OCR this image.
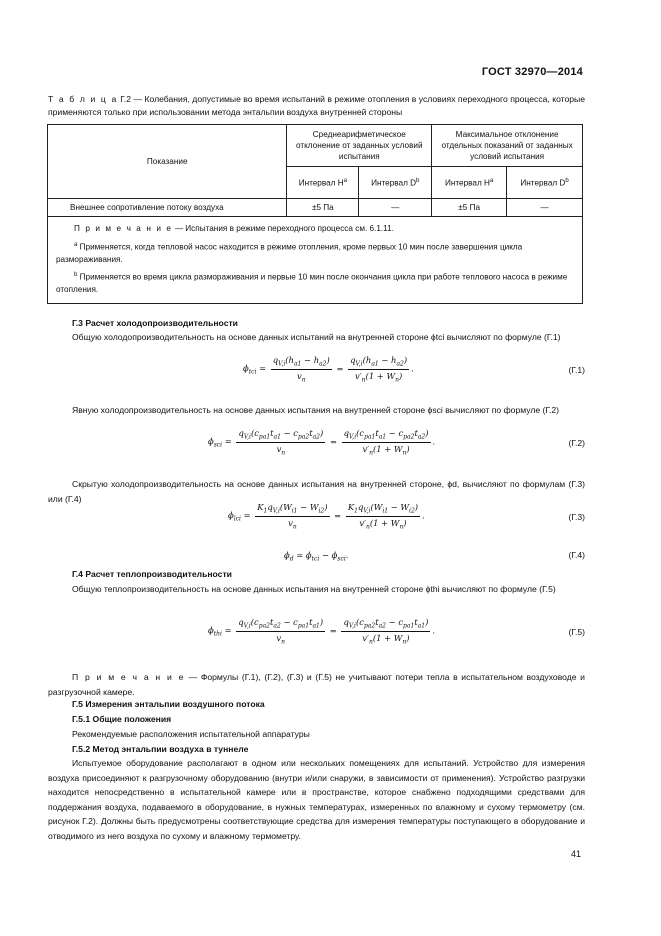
ГОСТ 32970—2014
Т а б л и ц а Г.2 — Колебания, допустимые во время испытаний в режиме отопления в условиях переходного процесса, которые применяются только при использовании метода энтальпии воздуха внутренней стороны
Показание	Среднеарифметическое отклонение от заданных условий испытания		Максимальное отклонение отдельных показаний от заданных условий испытания	
	Интервал $H^a$	Интервал $D^b$	Интервал $H^a$	Интервал $D^b$
Внешнее сопротивление потоку воздуха	±5 Па	—	±5 Па	—

П р и м е ч а н и е — Испытания в режиме переходного процесса см. 6.1.11.
$^a$ Применяется, когда тепловой насос находится в режиме отопления, кроме первых 10 мин после завершения цикла размораживания.
$^b$ Применяется во время цикла размораживания и первые 10 мин после окончания цикла при работе теплового насоса в режиме отопления.				
Г.3 Расчет холодопроизводительности
Общую холодопроизводительность на основе данных испытаний на внутренней стороне ϕtci вычисляют по формуле (Г.1)
$\phi_{tci} = \frac{q_{V,i}(h_{a1} - h_{a2})}{v_n} = \frac{q_{V,i}(h_{a1} - h_{a2})}{v'_n(1 + W_n)}$ .	(Г.1)
Явную холодопроизводительность на основе данных испытания на внутренней стороне ϕsci вычисляют по формуле (Г.2)
$\phi_{sci} = \frac{q_{V,i}(c_{pa1}t_{a1} - c_{pa2}t_{a2})}{v_n} = \frac{q_{V,i}(c_{pa1}t_{a1} - c_{pa2}t_{a2})}{v'_n(1 + W_n)}$ .	(Г.2)
Скрытую холодопроизводительность на основе данных испытания на внутренней стороне, ϕd, вычисляют по формулам (Г.3) или (Г.4)
$\phi_{lci} = \frac{K_1q_{V,i}(W_{i1} - W_{i2})}{v_n} = \frac{K_1q_{V,i}(W_{i1} - W_{i2})}{v'_n(1 + W_n)}$ .	(Г.3)
$\phi_d = \phi_{tci} - \phi_{sci}$.	(Г.4)
Г.4 Расчет теплопроизводительности
Общую теплопроизводительность на основе данных испытания на внутренней стороне ϕthi вычисляют по формуле (Г.5)
$\phi_{thi} = \frac{q_{V,i}(c_{pa2}t_{a2} - c_{pa1}t_{a1})}{v_n} = \frac{q_{V,i}(c_{pa2}t_{a2} - c_{pa1}t_{a1})}{v'_n(1 + W_n)}$ .	(Г.5)
П р и м е ч а н и е — Формулы (Г.1), (Г.2), (Г.3) и (Г.5) не учитывают потери тепла в испытательном воздуховоде и разгрузочной камере.
Г.5 Измерения энтальпии воздушного потока
Г.5.1 Общие положения
Рекомендуемые расположения испытательной аппаратуры
Г.5.2 Метод энтальпии воздуха в туннеле
Испытуемое оборудование располагают в одном или нескольких помещениях для испытаний. Устройство для измерения воздуха присоединяют к разгрузочному оборудованию (внутри и/или снаружи, в зависимости от применения). Устройство разгрузки находится непосредственно в испытательной камере или в пространстве, которое снабжено подходящими средствами для поддержания воздуха, подаваемого в оборудование, в нужных температурах, измеренных по влажному и сухому термометру (см. рисунок Г.2). Должны быть предусмотрены соответствующие средства для измерения температуры поступающего в оборудование и отводимого из него воздуха по сухому и влажному термометру.
41
